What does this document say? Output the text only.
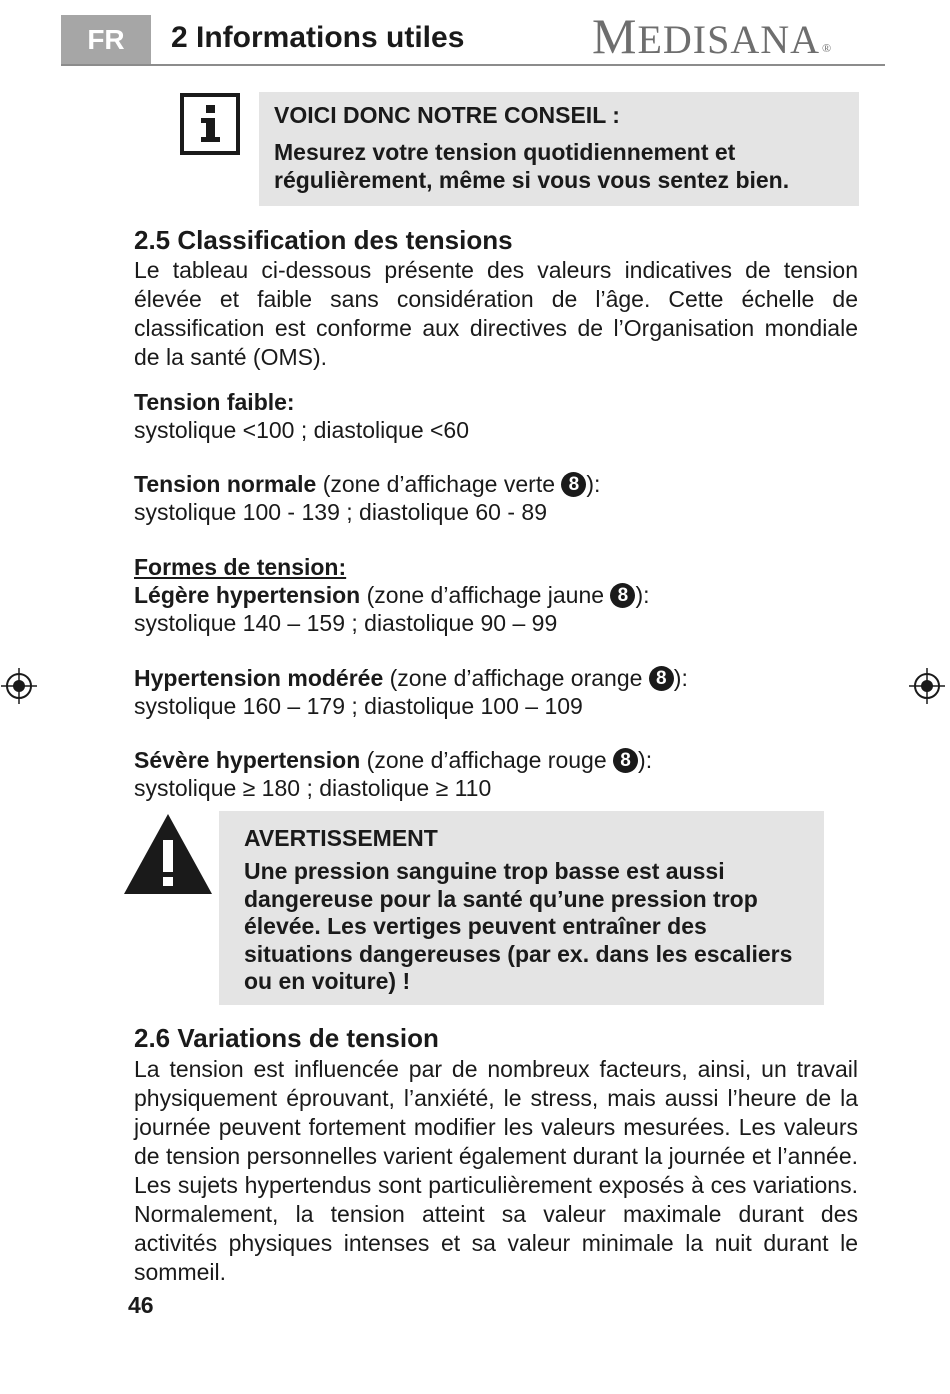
FR	2 Informations utiles	MEDISANA ®
VOICI DONC NOTRE CONSEIL :
Mesurez votre tension quotidiennement et régulièrement, même si vous vous sentez bien.
2.5 Classification des tensions
Le tableau ci-dessous présente des valeurs indicatives de tension élevée et faible sans considération de l’âge. Cette échelle de classification est conforme aux directives de l’Organisation mondiale de la santé (OMS).
Tension faible:
systolique <100 ; diastolique <60
Tension normale (zone d’affichage verte 8 ):
systolique 100 - 139 ; diastolique 60 - 89
Formes de tension:
Légère hypertension (zone d’affichage jaune 8 ):
systolique 140 – 159 ; diastolique 90 – 99
Hypertension modérée (zone d’affichage orange 8 ):
systolique 160 – 179 ; diastolique 100 – 109
Sévère hypertension (zone d’affichage rouge 8 ):
systolique ≥ 180 ; diastolique ≥ 110
AVERTISSEMENT
Une pression sanguine trop basse est aussi dangereuse pour la santé qu’une pression trop élevée. Les vertiges peuvent entraîner des situations dangereuses (par ex. dans les escaliers ou en voiture) !
2.6 Variations de tension
La tension est influencée par de nombreux facteurs, ainsi, un travail physiquement éprouvant, l’anxiété, le stress, mais aussi l’heure de la journée peuvent fortement modifier les valeurs mesurées. Les valeurs de tension personnelles varient également durant la journée et l’année. Les sujets hypertendus sont particulièrement exposés à ces variations. Normalement, la tension atteint sa valeur maximale durant des activités physiques intenses et sa valeur minimale la nuit durant le sommeil.
46
